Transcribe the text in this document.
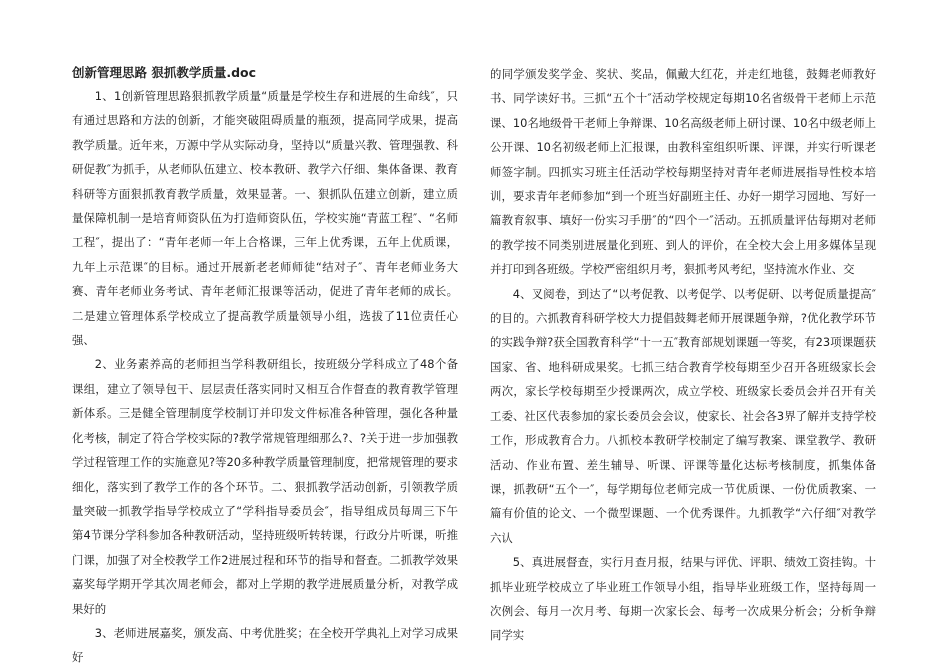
创新管理思路 狠抓教学质量.doc

1、1创新管理思路狠抓教学质量“质量是学校生存和进展的生命线″，只有通过思路和方法的创新，才能突破阻碍质量的瓶颈，提高同学成果，提高教学质量。近年来，万源中学从实际动身，坚持以“质量兴教、管理强教、科研促教″为抓手，从老师队伍建立、校本教研、教学六仔细、集体备课、教育科研等方面狠抓教育教学质量，效果显著。一、狠抓队伍建立创新，建立质量保障机制一是培育师资队伍为打造师资队伍，学校实施“青蓝工程″、“名师工程″，提出了：“青年老师一年上合格课，三年上优秀课，五年上优质课，九年上示范课″的目标。通过开展新老老师师徒“结对子″、青年老师业务大赛、青年老师业务考试、青年老师汇报课等活动，促进了青年老师的成长。二是建立管理体系学校成立了提高教学质量领导小组，选拔了11位责任心强、

2、业务素养高的老师担当学科教研组长，按班级分学科成立了48个备课组，建立了领导包干、层层责任落实同时又相互合作督查的教育教学管理新体系。三是健全管理制度学校制订并印发文件标准各种管理，强化各种量化考核，制定了符合学校实际的?教学常规管理细那么?、?关于进一步加强教学过程管理工作的实施意见?等20多种教学质量管理制度，把常规管理的要求细化，落实到了教学工作的各个环节。二、狠抓教学活动创新，引领教学质量突破一抓教学指导学校成立了“学科指导委员会″，指导组成员每周三下午第4节课分学科参加各种教研活动，坚持班级听转转课，行政分片听课，听推门课，加强了对全校教学工作2进展过程和环节的指导和督查。二抓教学效果嘉奖每学期开学其次周老师会，都对上学期的教学进展质量分析，对教学成果好的

3、老师进展嘉奖，颁发高、中考优胜奖；在全校开学典礼上对学习成果好

的同学颁发奖学金、奖状、奖品，佩戴大红花，并走红地毯，鼓舞老师教好书、同学读好书。三抓“五个十″活动学校规定每期10名省级骨干老师上示范课、10名地级骨干老师上争辩课、10名高级老师上研讨课、10名中级老师上公开课、10名初级老师上汇报课，由教科室组织听课、评课，并实行听课老师签字制。四抓实习班主任活动学校每期坚持对青年老师进展指导性校本培训，要求青年老师参加“到一个班当好副班主任、办好一期学习园地、写好一篇教育叙事、填好一份实习手册″的“四个一″活动。五抓质量评估每期对老师的教学按不同类别进展量化到班、到人的评价，在全校大会上用多媒体呈现并打印到各班级。学校严密组织月考，狠抓考风考纪，坚持流水作业、交

4、叉阅卷，到达了“以考促教、以考促学、以考促研、以考促质量提高″的目的。六抓教育科研学校大力提倡鼓舞老师开展课题争辩，?优化教学环节的实践争辩?获全国教育科学“十一五″教育部规划课题一等奖，有23项课题获国家、省、地科研成果奖。七抓三结合教育学校每期至少召开各班级家长会两次，家长学校每期至少授课两次，成立学校、班级家长委员会并召开有关工委、社区代表参加的家长委员会会议，使家长、社会各3界了解并支持学校工作，形成教育合力。八抓校本教研学校制定了编写教案、课堂教学、教研活动、作业布置、差生辅导、听课、评课等量化达标考核制度，抓集体备课，抓教研“五个一″，每学期每位老师完成一节优质课、一份优质教案、一篇有价值的论文、一个微型课题、一个优秀课件。九抓教学“六仔细″对教学六认

5、真进展督查，实行月查月报，结果与评优、评职、绩效工资挂钩。十抓毕业班学校成立了毕业班工作领导小组，指导毕业班级工作，坚持每周一次例会、每月一次月考、每期一次家长会、每考一次成果分析会；分析争辩同学实
